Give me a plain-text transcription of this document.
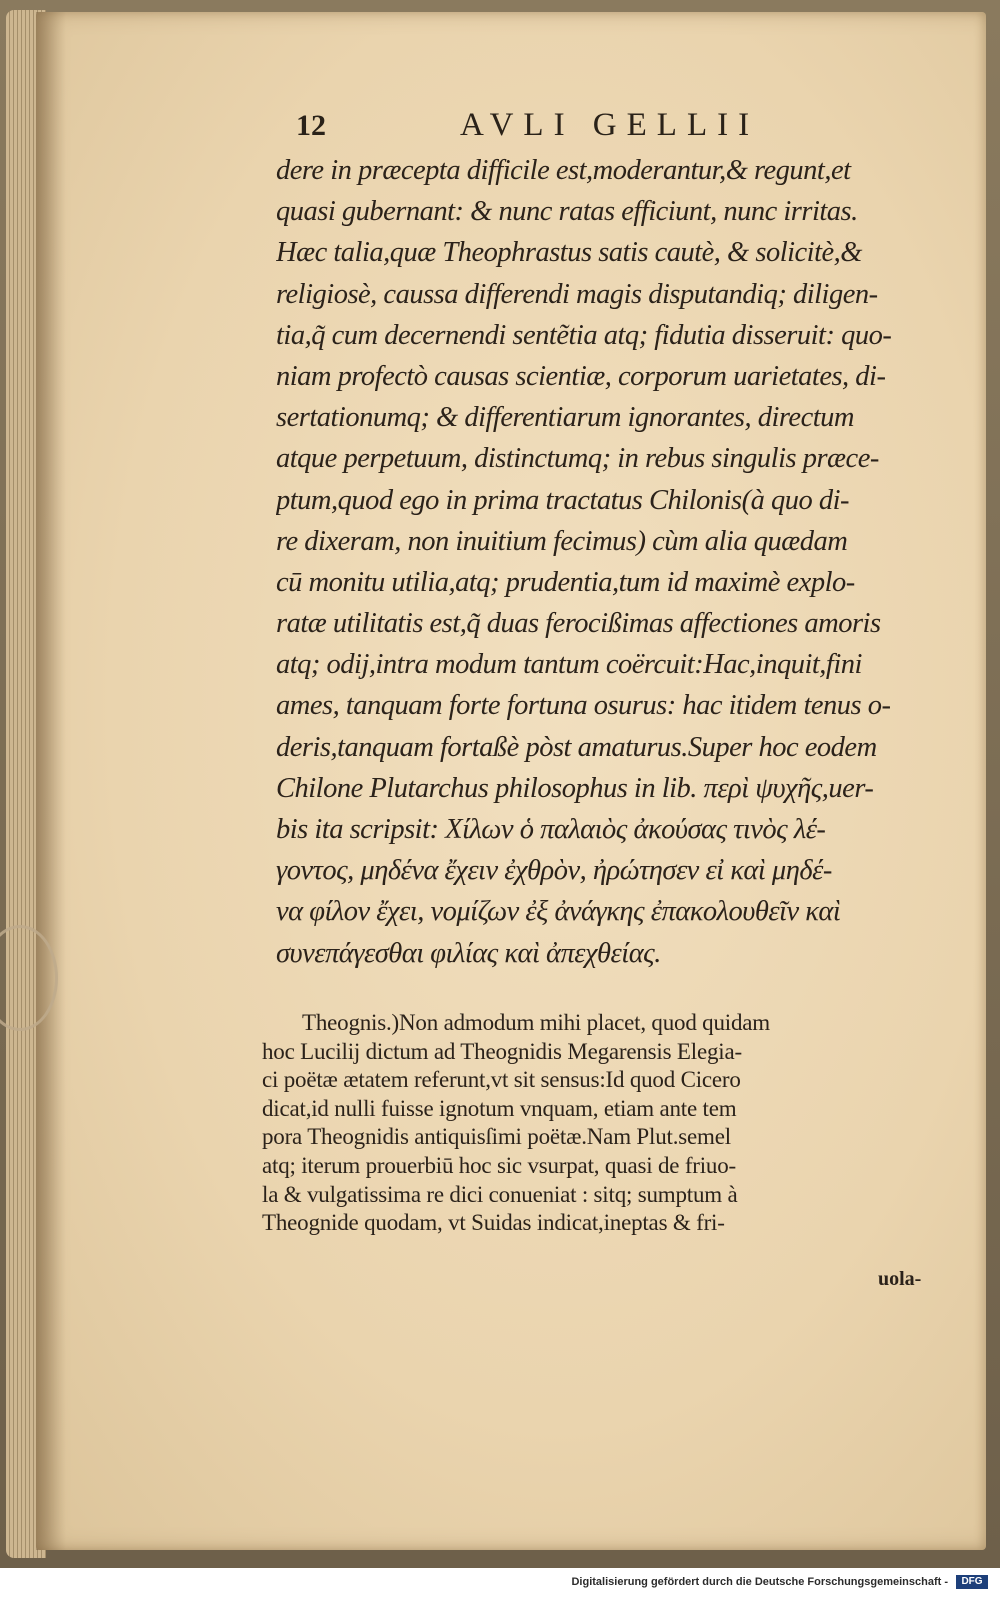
12	AVLI GELLII
dere in præcepta difficile est,moderantur,& regunt,et
quasi gubernant: & nunc ratas efficiunt, nunc irritas.
Hæc talia,quæ Theophrastus satis cautè, & solicitè,&
religiosè, caussa differendi magis disputandiq; diligen-
tia,q̃ cum decernendi sentẽtia atq; fidutia disseruit: quo-
niam profectò causas scientiæ, corporum uarietates, di-
sertationumq; & differentiarum ignorantes, directum
atque perpetuum, distinctumq; in rebus singulis præce-
ptum,quod ego in prima tractatus Chilonis(à quo di-
re dixeram, non inuitium fecimus) cùm alia quædam
cū monitu utilia,atq; prudentia,tum id maximè explo-
ratæ utilitatis est,q̃ duas ferocißimas affectiones amoris
atq; odij,intra modum tantum coërcuit:Hac,inquit,fini
ames, tanquam forte fortuna osurus: hac itidem tenus o-
deris,tanquam fortaßè pòst amaturus.Super hoc eodem
Chilone Plutarchus philosophus in lib. περὶ ψυχῆς,uer-
bis ita scripsit: Χίλων ὁ παλαιὸς ἀκούσας τινὸς λέ-
γοντος, μηδένα ἔχειν ἐχθρὸν, ἠρώτησεν εἰ καὶ μηδέ-
να φίλον ἔχει, νομίζων ἐξ ἀνάγκης ἐπακολουθεῖν καὶ
συνεπάγεσθαι φιλίας καὶ ἀπεχθείας.
Theognis.)Non admodum mihi placet, quod quidam
hoc Lucilij dictum ad Theognidis Megarensis Elegia-
ci poëtæ ætatem referunt,vt sit sensus:Id quod Cicero
dicat,id nulli fuisse ignotum vnquam, etiam ante tem
pora Theognidis antiquisſimi poëtæ.Nam Plut.semel
atq; iterum prouerbiū hoc sic vsurpat, quasi de friuo-
la & vulgatissima re dici conueniat : sitq; sumptum à
Theognide quodam, vt Suidas indicat,ineptas & fri-
uola-
Digitalisierung gefördert durch die Deutsche Forschungsgemeinschaft -	DFG
